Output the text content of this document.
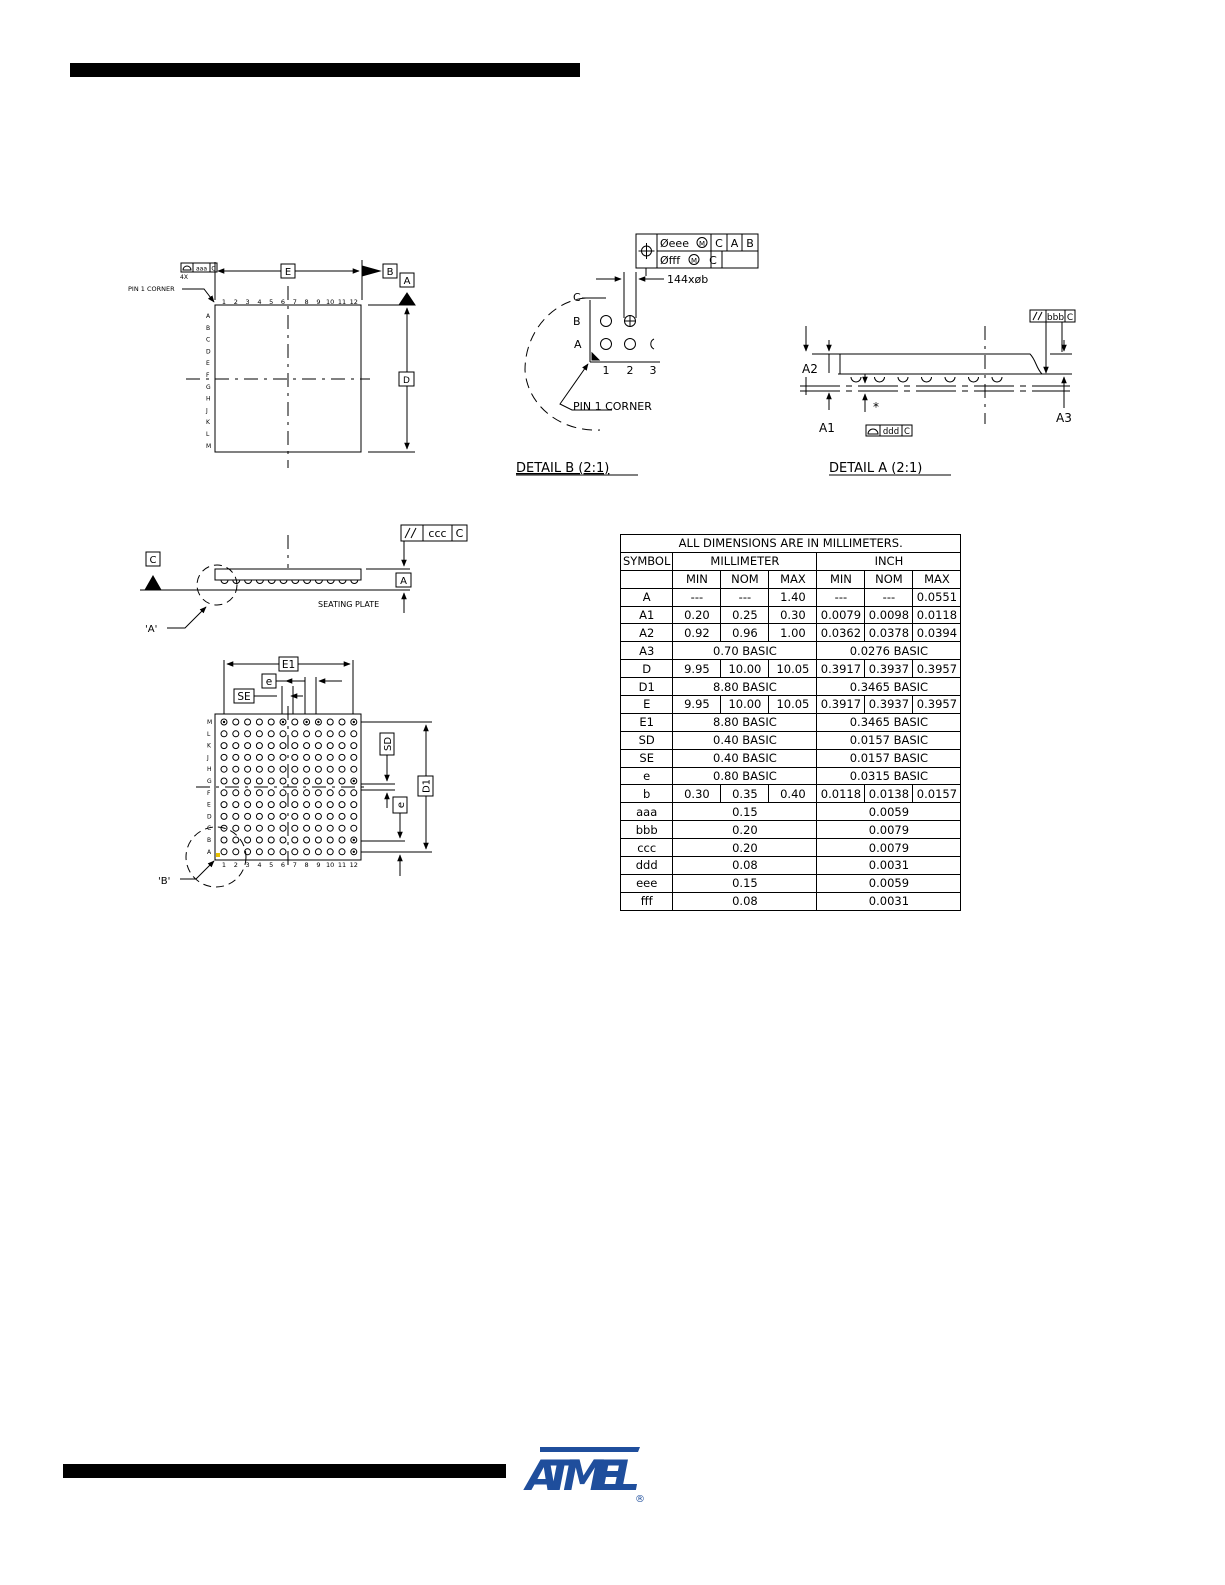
E	B
A
D
aaa C
4X
PIN 1 CORNER
1 2 3 4 5 6 7 8 9 10 11 12
A
B
C
D
E
F
G
H
J
K
L
M
C
'A'
SEATING PLATE
A
ccc C
1 2 3 4 5 6 7 8 9 10 11 12
M
L
K
J
H
G
F
E
D
C
B
A
E1
e
SE
D1
SD
e
'B'
Øeee M C A B
Øfff M C
144xøb
C
B
A
1 2 3
PIN 1 CORNER
DETAIL B (2:1)
bbb C
A3
A2
A1
*
ddd C
DETAIL A (2:1)
ALL DIMENSIONS ARE IN MILLIMETERS.						
SYMBOL	MILLIMETER			INCH		
	MIN	NOM	MAX	MIN	NOM	MAX
A	---	---	1.40	---	---	0.0551
A1	0.20	0.25	0.30	0.0079	0.0098	0.0118
A2	0.92	0.96	1.00	0.0362	0.0378	0.0394
A3	0.70 BASIC			0.0276 BASIC		
D	9.95	10.00	10.05	0.3917	0.3937	0.3957
D1	8.80 BASIC			0.3465 BASIC		
E	9.95	10.00	10.05	0.3917	0.3937	0.3957
E1	8.80 BASIC			0.3465 BASIC		
SD	0.40 BASIC			0.0157 BASIC		
SE	0.40 BASIC			0.0157 BASIC		
e	0.80 BASIC			0.0315 BASIC		
b	0.30	0.35	0.40	0.0118	0.0138	0.0157
aaa	0.15			0.0059		
bbb	0.20			0.0079		
ccc	0.20			0.0079		
ddd	0.08			0.0031		
eee	0.15			0.0059		
fff	0.08			0.0031		
ATMEL
®
